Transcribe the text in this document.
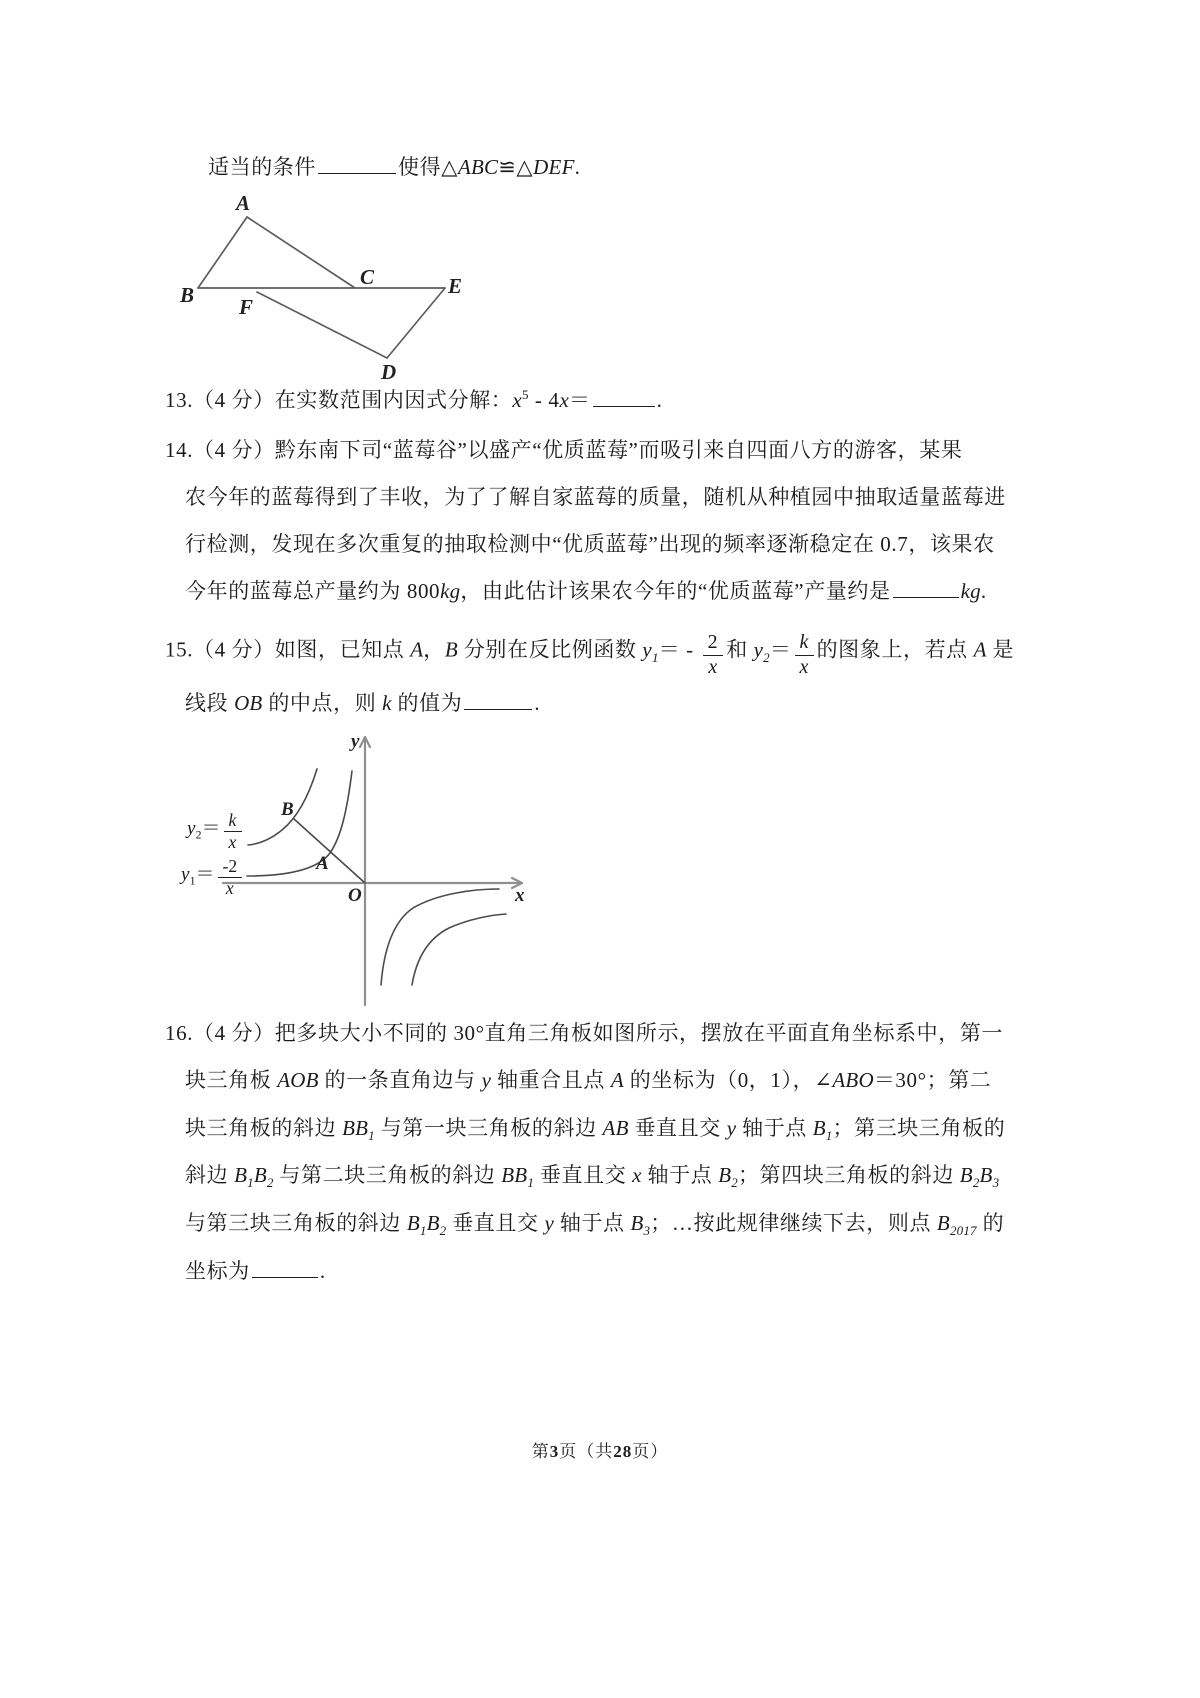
适当的条件	使得△ABC≌△DEF.
A
B
C	E
F
D
13.（4 分）在实数范围内因式分解：$x^5 - 4x=$	.
14.（4 分）黔东南下司“蓝莓谷”以盛产“优质蓝莓”而吸引来自四面八方的游客，某果
农今年的蓝莓得到了丰收，为了了解自家蓝莓的质量，随机从种植园中抽取适量蓝莓进
行检测，发现在多次重复的抽取检测中“优质蓝莓”出现的频率逐渐稳定在 0.7，该果农
今年的蓝莓总产量约为 800kg，由此估计该果农今年的“优质蓝莓”产量约是	kg.
15.（4 分）如图，已知点 A，B 分别在反比例函数 $y_1= - \frac{2}{x}$ 和 $y_2= \frac{k}{x}$ 的图象上，若点 A 是
线段 OB 的中点，则 k 的值为	.
y
x
O
B
A
$y_2= \frac{k}{x}$
$y_1= \frac{-2}{x}$
16.（4 分）把多块大小不同的 30°直角三角板如图所示，摆放在平面直角坐标系中，第一
块三角板 AOB 的一条直角边与 y 轴重合且点 A 的坐标为（0，1），∠ABO＝30°；第二
块三角板的斜边 $BB_1$ 与第一块三角板的斜边 AB 垂直且交 y 轴于点 $B_1$；第三块三角板的
斜边 $B_1B_2$ 与第二块三角板的斜边 $BB_1$ 垂直且交 x 轴于点 $B_2$；第四块三角板的斜边 $B_2B_3$
与第三块三角板的斜边 $B_1B_2$ 垂直且交 y 轴于点 $B_3$；…按此规律继续下去，则点 $B_{2017}$ 的
坐标为	.
第3页（共28页）
